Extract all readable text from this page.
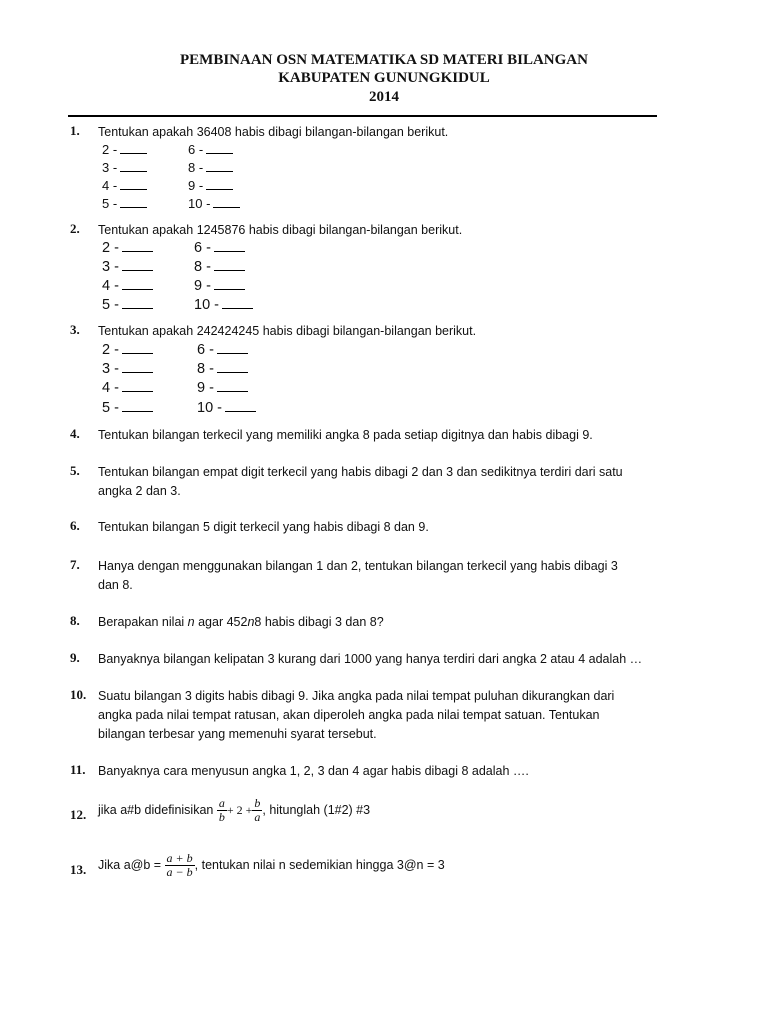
PEMBINAAN OSN MATEMATIKA SD MATERI BILANGAN
KABUPATEN GUNUNGKIDUL
2014
1. Tentukan apakah 36408 habis dibagi bilangan-bilangan berikut.
2 -	6 -
3 -	8 -
4 -	9 -
5 -	10 -
2. Tentukan apakah 1245876 habis dibagi bilangan-bilangan berikut.
2 -	6 -
3 -	8 -
4 -	9 -
5 -	10 -
3. Tentukan apakah 242424245 habis dibagi bilangan-bilangan berikut.
2 -	6 -
3 -	8 -
4 -	9 -
5 -	10 -
4. Tentukan bilangan terkecil yang memiliki angka 8 pada setiap digitnya dan habis dibagi 9.
5. Tentukan bilangan empat digit terkecil yang habis dibagi 2 dan 3 dan sedikitnya terdiri dari satu
angka 2 dan 3.
6. Tentukan bilangan 5 digit terkecil yang habis dibagi 8 dan 9.
7. Hanya dengan menggunakan bilangan 1 dan 2, tentukan bilangan terkecil yang habis dibagi 3
dan 8.
8. Berapakan nilai n agar 452n8 habis dibagi 3 dan 8?
9. Banyaknya bilangan kelipatan 3 kurang dari 1000 yang hanya terdiri dari angka 2 atau 4 adalah …
10. Suatu bilangan 3 digits habis dibagi 9. Jika angka pada nilai tempat puluhan dikurangkan dari
angka pada nilai tempat ratusan, akan diperoleh angka pada nilai tempat satuan. Tentukan
bilangan terbesar yang memenuhi syarat tersebut.
11. Banyaknya cara menyusun angka 1, 2, 3 dan 4 agar habis dibagi 8 adalah ….
12. jika a#b didefinisikan $\frac{a}{b} + 2 + \frac{b}{a}$ , hitunglah (1#2) #3
13. Jika a@b = $\frac{a + b}{a - b}$ , tentukan nilai n sedemikian hingga 3@n = 3
